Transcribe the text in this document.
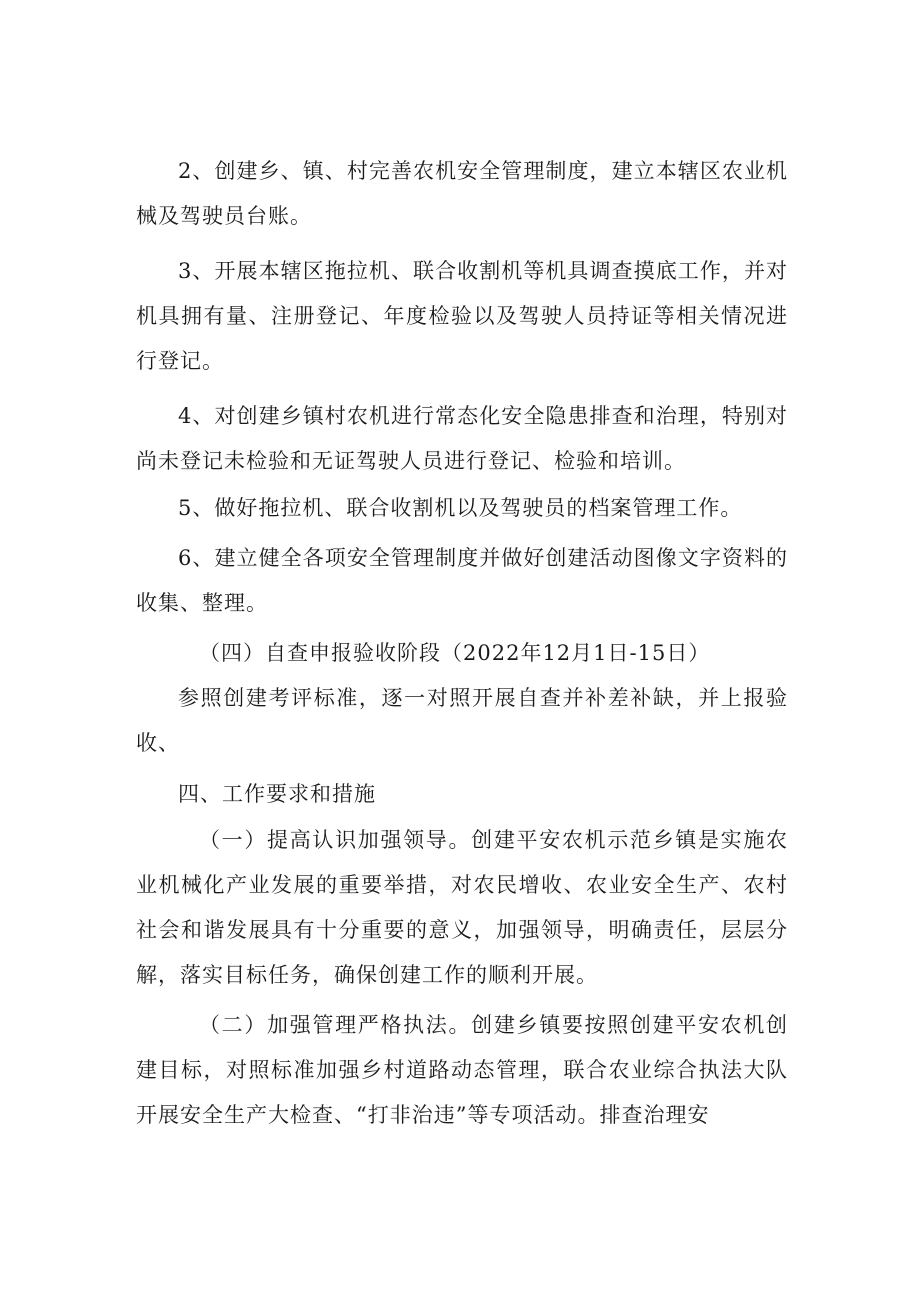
2、创建乡、镇、村完善农机安全管理制度，建立本辖区农业机械及驾驶员台账。

3、开展本辖区拖拉机、联合收割机等机具调查摸底工作，并对机具拥有量、注册登记、年度检验以及驾驶人员持证等相关情况进行登记。

4、对创建乡镇村农机进行常态化安全隐患排查和治理，特别对尚未登记未检验和无证驾驶人员进行登记、检验和培训。

5、做好拖拉机、联合收割机以及驾驶员的档案管理工作。

6、建立健全各项安全管理制度并做好创建活动图像文字资料的收集、整理。

（四）自查申报验收阶段（2022年12月1日-15日）

参照创建考评标准，逐一对照开展自查并补差补缺，并上报验收、

四、工作要求和措施

（一）提高认识加强领导。创建平安农机示范乡镇是实施农业机械化产业发展的重要举措，对农民增收、农业安全生产、农村社会和谐发展具有十分重要的意义，加强领导，明确责任，层层分解，落实目标任务，确保创建工作的顺利开展。

（二）加强管理严格执法。创建乡镇要按照创建平安农机创建目标，对照标准加强乡村道路动态管理，联合农业综合执法大队开展安全生产大检查、“打非治违”等专项活动。排查治理安
